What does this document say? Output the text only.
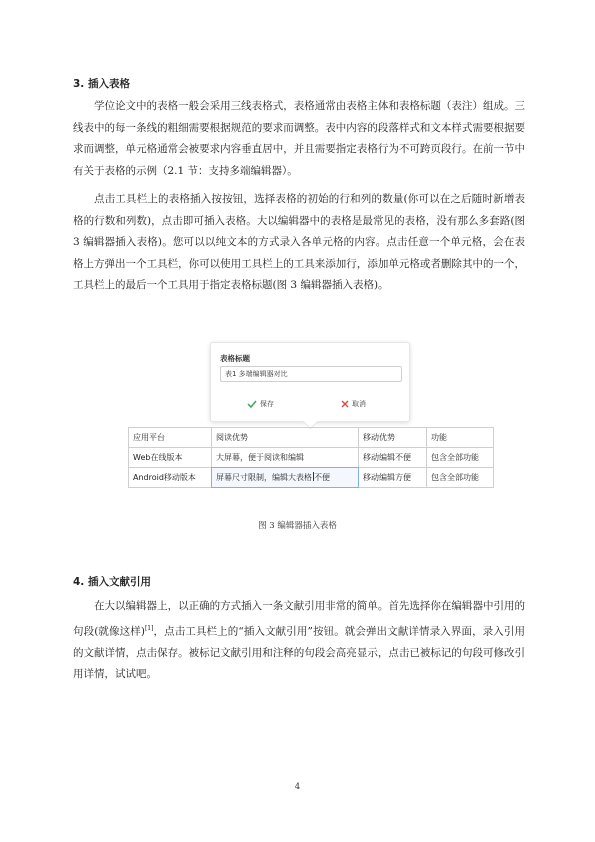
3. 插入表格

学位论文中的表格一般会采用三线表格式，表格通常由表格主体和表格标题（表注）组成。三线表中的每一条线的粗细需要根据规范的要求而调整。表中内容的段落样式和文本样式需要根据要求而调整，单元格通常会被要求内容垂直居中，并且需要指定表格行为不可跨页段行。在前一节中有关于表格的示例（2.1 节：支持多端编辑器）。

点击工具栏上的表格插入按按钮，选择表格的初始的行和列的数量(你可以在之后随时新增表格的行数和列数)，点击即可插入表格。大以编辑器中的表格是最常见的表格，没有那么多套路(图 3 编辑器插入表格)。您可以以纯文本的方式录入各单元格的内容。点击任意一个单元格，会在表格上方弹出一个工具栏，你可以使用工具栏上的工具来添加行，添加单元格或者删除其中的一个，工具栏上的最后一个工具用于指定表格标题(图 3 编辑器插入表格)。

表格标题
表1 多端编辑器对比
保存	取消
应用平台	阅读优势	移动优势	功能
Web在线版本	大屏幕，便于阅读和编辑	移动编辑不便	包含全部功能
Android移动版本	屏幕尺寸限制，编辑大表格 不便	移动编辑方便	包含全部功能
图 3 编辑器插入表格
4. 插入文献引用

在大以编辑器上，以正确的方式插入一条文献引用非常的简单。首先选择你在编辑器中引用的句段(就像这样)[1]，点击工具栏上的“插入文献引用”按钮。就会弹出文献详情录入界面，录入引用的文献详情，点击保存。被标记文献引用和注释的句段会高亮显示，点击已被标记的句段可修改引用详情，试试吧。

4
